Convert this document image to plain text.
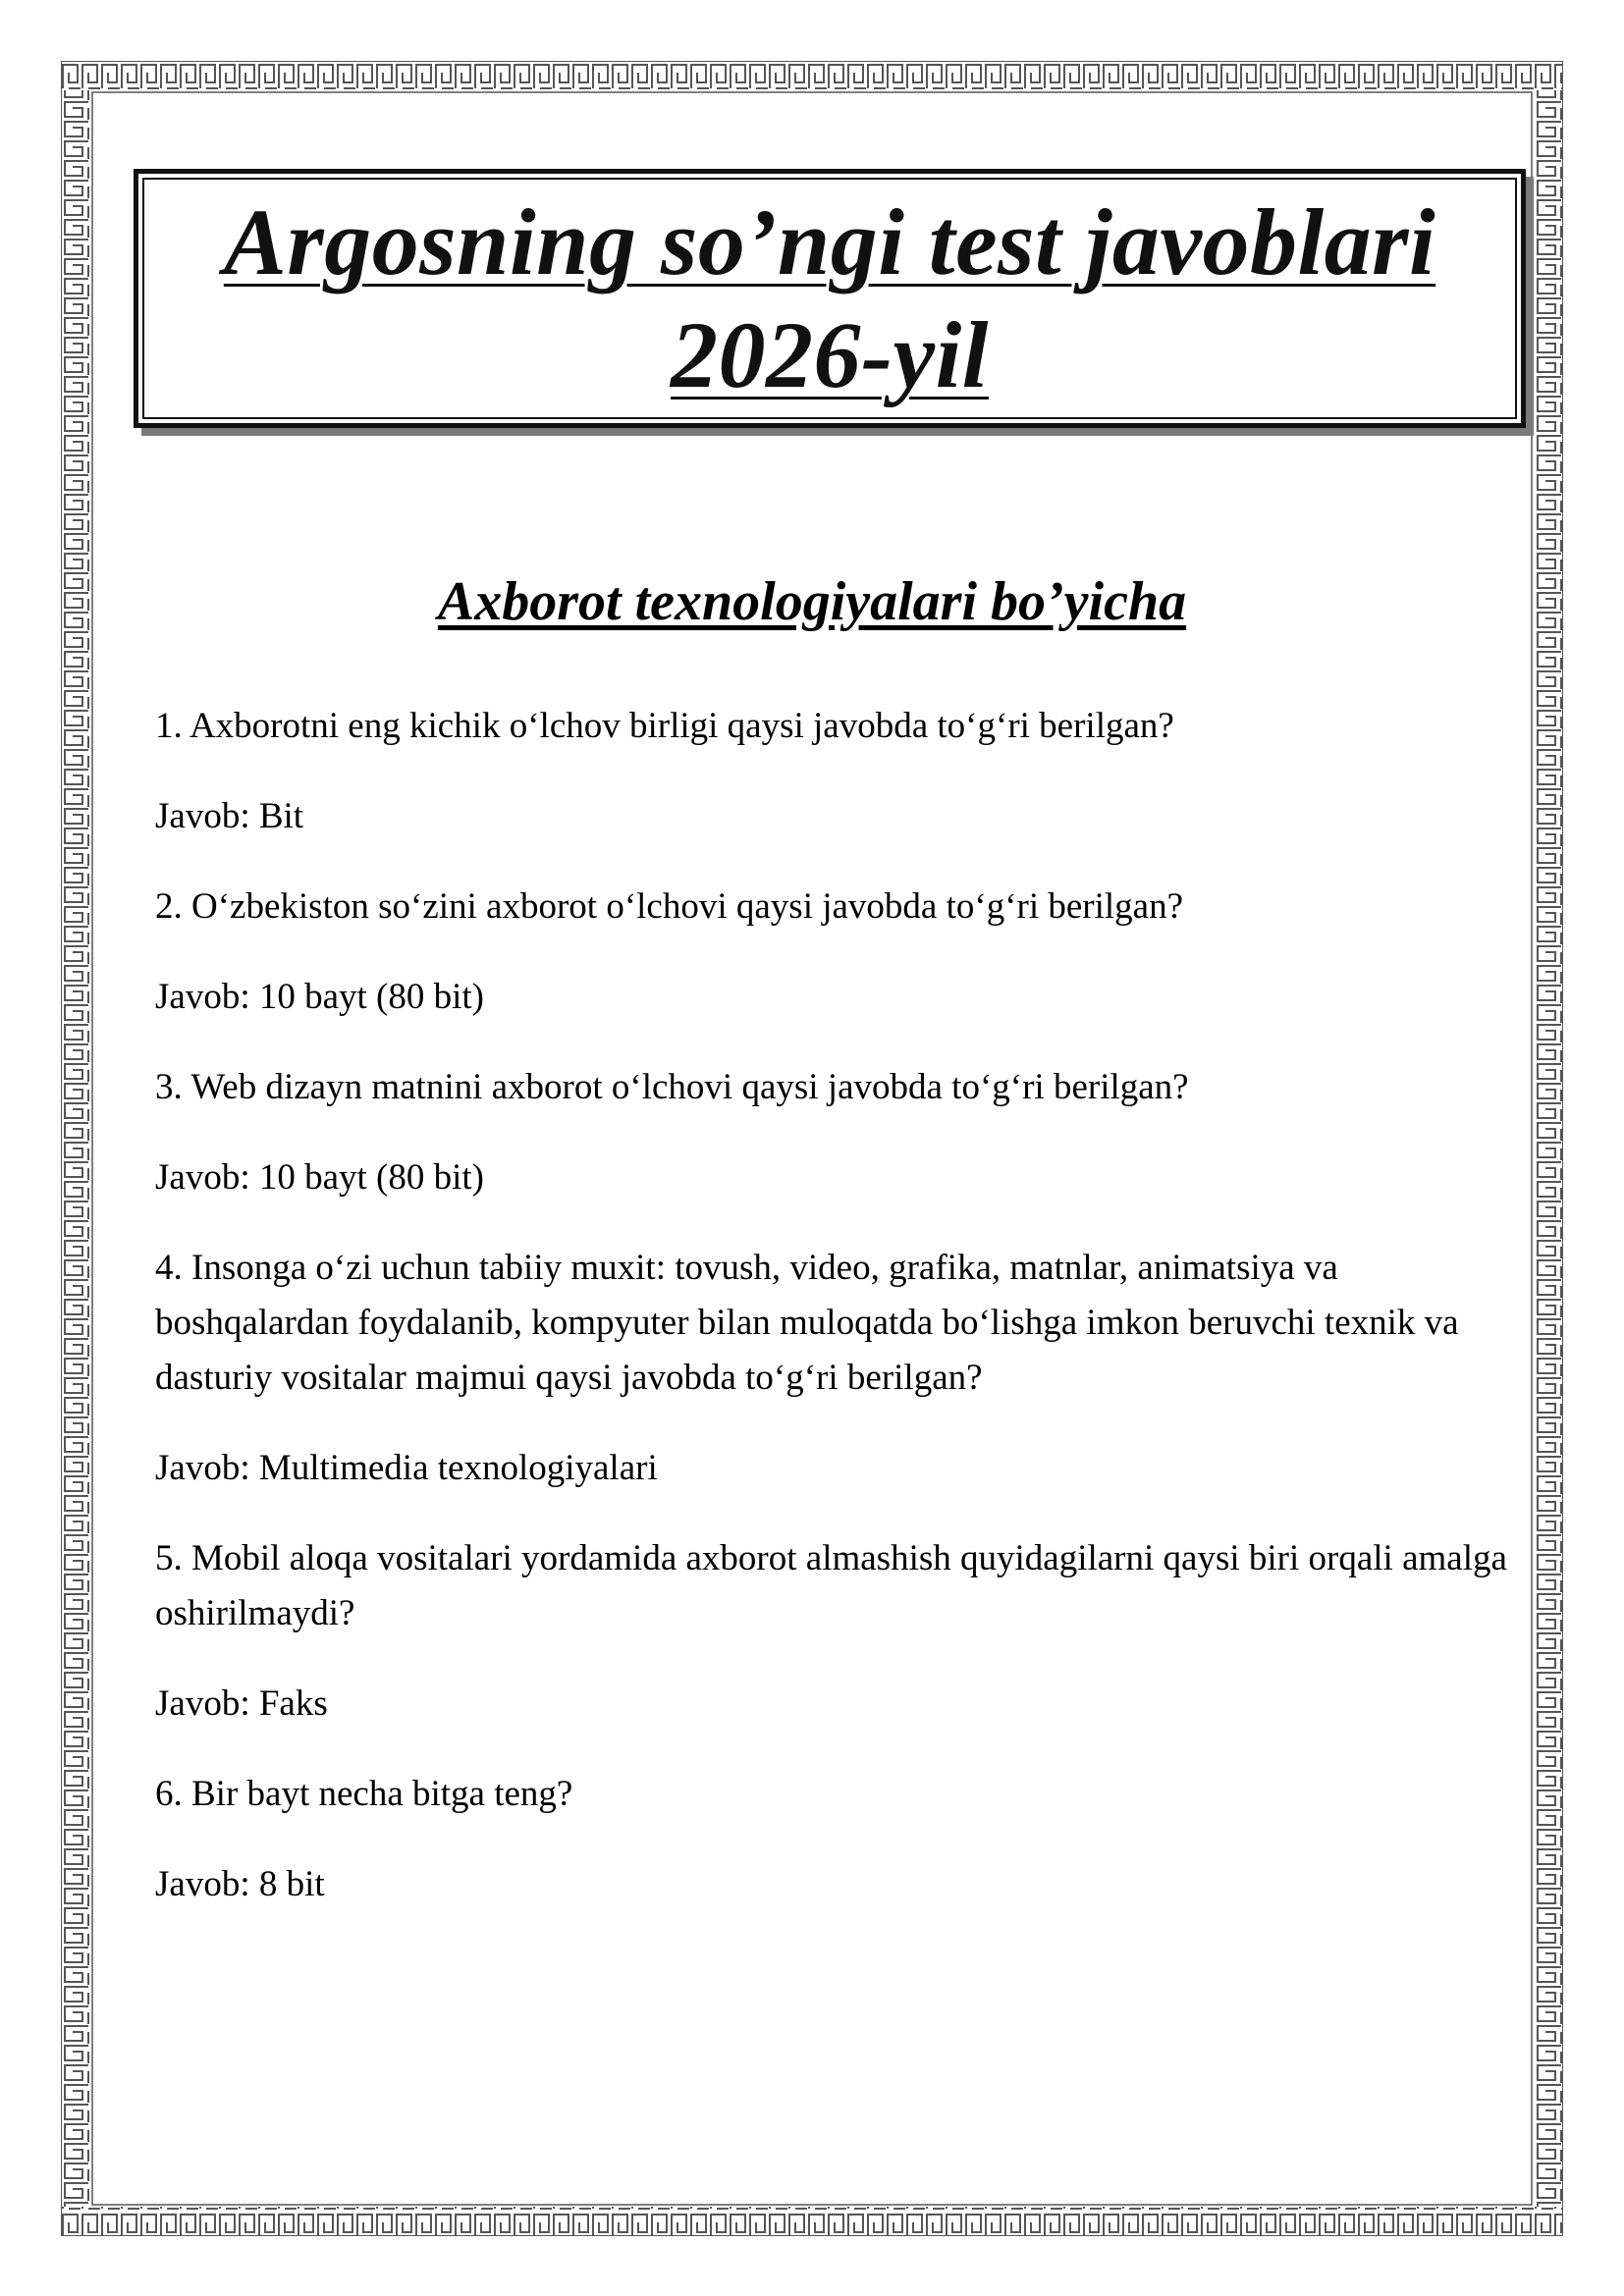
Argosning so’ngi test javoblari
2026-yil
Axborot texnologiyalari bo’yicha

1. Axborotni eng kichik o‘lchov birligi qaysi javobda to‘g‘ri berilgan?

Javob: Bit

2. O‘zbekiston so‘zini axborot o‘lchovi qaysi javobda to‘g‘ri berilgan?

Javob: 10 bayt (80 bit)

3. Web dizayn matnini axborot o‘lchovi qaysi javobda to‘g‘ri berilgan?

Javob: 10 bayt (80 bit)

4. Insonga o‘zi uchun tabiiy muxit: tovush, video, grafika, matnlar, animatsiya va boshqalardan foydalanib, kompyuter bilan muloqatda bo‘lishga imkon beruvchi texnik va dasturiy vositalar majmui qaysi javobda to‘g‘ri berilgan?

Javob: Multimedia texnologiyalari

5. Mobil aloqa vositalari yordamida axborot almashish quyidagilarni qaysi biri orqali amalga oshirilmaydi?

Javob: Faks

6. Bir bayt necha bitga teng?

Javob: 8 bit
